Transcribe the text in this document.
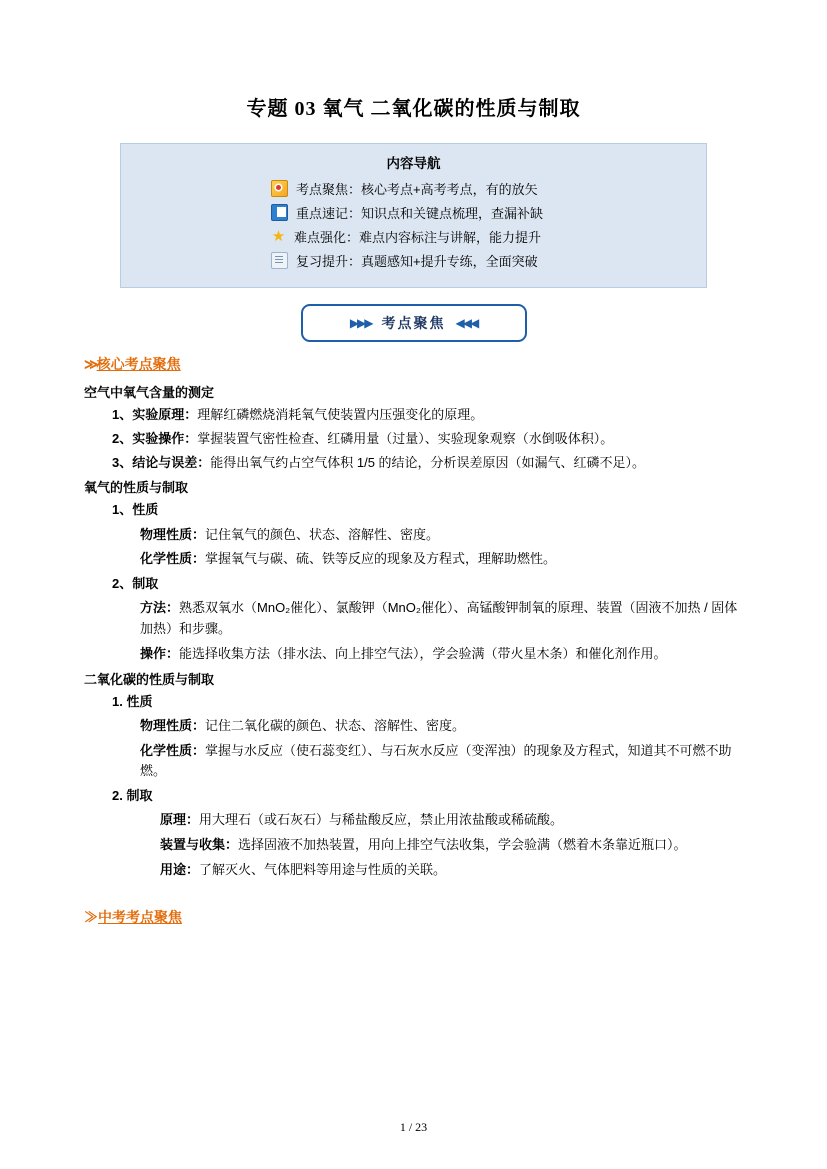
专题 03 氧气 二氧化碳的性质与制取
内容导航
考点聚焦：核心考点+高考考点，有的放矢
重点速记：知识点和关键点梳理，查漏补缺
★ 难点强化：难点内容标注与讲解，能力提升
复习提升：真题感知+提升专练，全面突破
▶▶▶ 考点聚焦 ◀◀◀
≫核心考点聚焦
空气中氧气含量的测定
1、实验原理：理解红磷燃烧消耗氧气使装置内压强变化的原理。
2、实验操作：掌握装置气密性检查、红磷用量（过量）、实验现象观察（水倒吸体积）。
3、结论与误差：能得出氧气约占空气体积 1/5 的结论，分析误差原因（如漏气、红磷不足）。
氧气的性质与制取
1、性质
物理性质：记住氧气的颜色、状态、溶解性、密度。
化学性质：掌握氧气与碳、硫、铁等反应的现象及方程式，理解助燃性。
2、制取
方法：熟悉双氧水（MnO₂催化）、氯酸钾（MnO₂催化）、高锰酸钾制氧的原理、装置（固液不加热 / 固体加热）和步骤。
操作：能选择收集方法（排水法、向上排空气法），学会验满（带火星木条）和催化剂作用。
二氧化碳的性质与制取
1. 性质
物理性质：记住二氧化碳的颜色、状态、溶解性、密度。
化学性质：掌握与水反应（使石蕊变红）、与石灰水反应（变浑浊）的现象及方程式，知道其不可燃不助燃。
2. 制取
原理：用大理石（或石灰石）与稀盐酸反应，禁止用浓盐酸或稀硫酸。
装置与收集：选择固液不加热装置，用向上排空气法收集，学会验满（燃着木条靠近瓶口）。
用途：了解灭火、气体肥料等用途与性质的关联。
≫中考考点聚焦
1 / 23
